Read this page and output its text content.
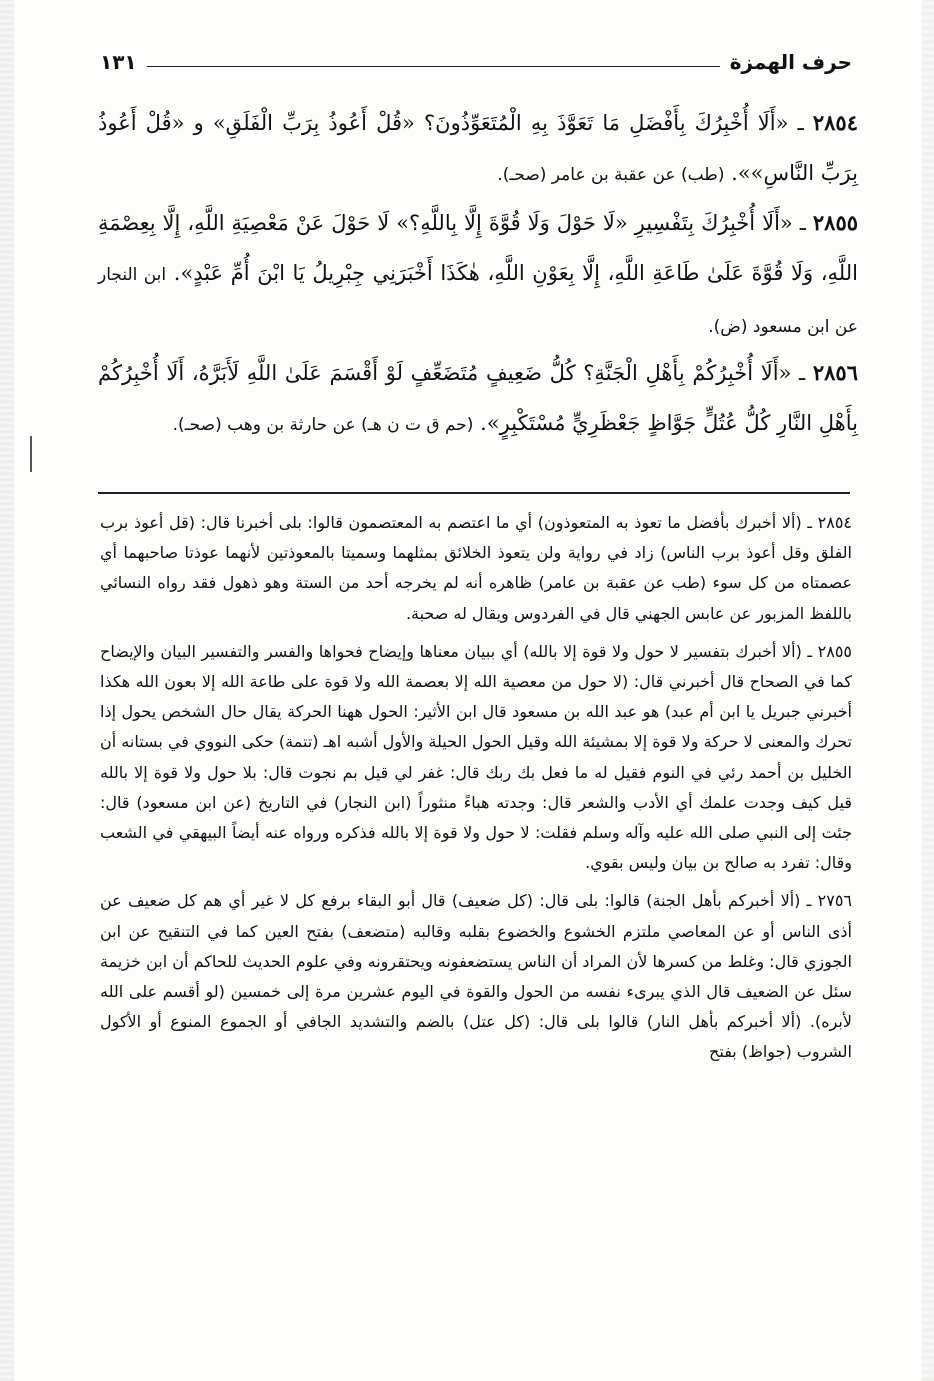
حرف الهمزة
١٣١
٢٨٥٤ ـ «أَلَا أُخْبِرُكَ بِأَفْضَلِ مَا تَعَوَّذَ بِهِ الْمُتَعَوِّذُونَ؟ «قُلْ أَعُوذُ بِرَبِّ الْفَلَقِ» و «قُلْ أَعُوذُ بِرَبِّ النَّاسِ»». (طب) عن عقبة بن عامر (صحـ).
٢٨٥٥ ـ «أَلَا أُخْبِرُكَ بِتَفْسِيرِ «لَا حَوْلَ وَلَا قُوَّةَ إِلَّا بِاللَّهِ؟» لَا حَوْلَ عَنْ مَعْصِيَةِ اللَّهِ، إِلَّا بِعِصْمَةِ اللَّهِ، وَلَا قُوَّةَ عَلَىٰ طَاعَةِ اللَّهِ، إِلَّا بِعَوْنِ اللَّهِ، هٰكَذَا أَخْبَرَنِي جِبْرِيلُ يَا ابْنَ أُمِّ عَبْدٍ». ابن النجار عن ابن مسعود (ض).
٢٨٥٦ ـ «أَلَا أُخْبِرُكُمْ بِأَهْلِ الْجَنَّةِ؟ كُلُّ ضَعِيفٍ مُتَضَعِّفٍ لَوْ أَقْسَمَ عَلَىٰ اللَّهِ لَأَبَرَّهُ، أَلَا أُخْبِرُكُمْ بِأَهْلِ النَّارِ كُلُّ عُتُلٍّ جَوَّاظٍ جَعْظَرِيٍّ مُسْتَكْبِرٍ». (حم ق ت ن هـ) عن حارثة بن وهب (صحـ).

٢٨٥٤ ـ (ألا أخبرك بأفضل ما تعوذ به المتعوذون) أي ما اعتصم به المعتصمون قالوا: بلى أخبرنا قال: (قل أعوذ برب الفلق وقل أعوذ برب الناس) زاد في رواية ولن يتعوذ الخلائق بمثلهما وسميتا بالمعوذتين لأنهما عوذتا صاحبهما أي عصمتاه من كل سوء (طب عن عقبة بن عامر) ظاهره أنه لم يخرجه أحد من الستة وهو ذهول فقد رواه النسائي باللفظ المزبور عن عابس الجهني قال في الفردوس ويقال له صحبة.

٢٨٥٥ ـ (ألا أخبرك بتفسير لا حول ولا قوة إلا بالله) أي ببيان معناها وإيضاح فحواها والفسر والتفسير البيان والإيضاح كما في الصحاح قال أخبرني قال: (لا حول من معصية الله إلا بعصمة الله ولا قوة على طاعة الله إلا بعون الله هكذا أخبرني جبريل يا ابن أم عبد) هو عبد الله بن مسعود قال ابن الأثير: الحول ههنا الحركة يقال حال الشخص يحول إذا تحرك والمعنى لا حركة ولا قوة إلا بمشيئة الله وقيل الحول الحيلة والأول أشبه اهـ (تتمة) حكى النووي في بستانه أن الخليل بن أحمد رئي في النوم فقيل له ما فعل بك ربك قال: غفر لي قيل بم نجوت قال: بلا حول ولا قوة إلا بالله قيل كيف وجدت علمك أي الأدب والشعر قال: وجدته هباءً منثوراً (ابن النجار) في التاريخ (عن ابن مسعود) قال: جئت إلى النبي صلى الله عليه وآله وسلم فقلت: لا حول ولا قوة إلا بالله فذكره ورواه عنه أيضاً البيهقي في الشعب وقال: تفرد به صالح بن بيان وليس بقوي.

٢٧٥٦ ـ (ألا أخبركم بأهل الجنة) قالوا: بلى قال: (كل ضعيف) قال أبو البقاء برفع كل لا غير أي هم كل ضعيف عن أذى الناس أو عن المعاصي ملتزم الخشوع والخضوع بقلبه وقالبه (متضعف) بفتح العين كما في التنقيح عن ابن الجوزي قال: وغلط من كسرها لأن المراد أن الناس يستضعفونه ويحتقرونه وفي علوم الحديث للحاكم أن ابن خزيمة سئل عن الضعيف قال الذي يبرىء نفسه من الحول والقوة في اليوم عشرين مرة إلى خمسين (لو أقسم على الله لأبره). (ألا أخبركم بأهل النار) قالوا بلى قال: (كل عتل) بالضم والتشديد الجافي أو الجموع المنوع أو الأكول الشروب (جواظ) بفتح
